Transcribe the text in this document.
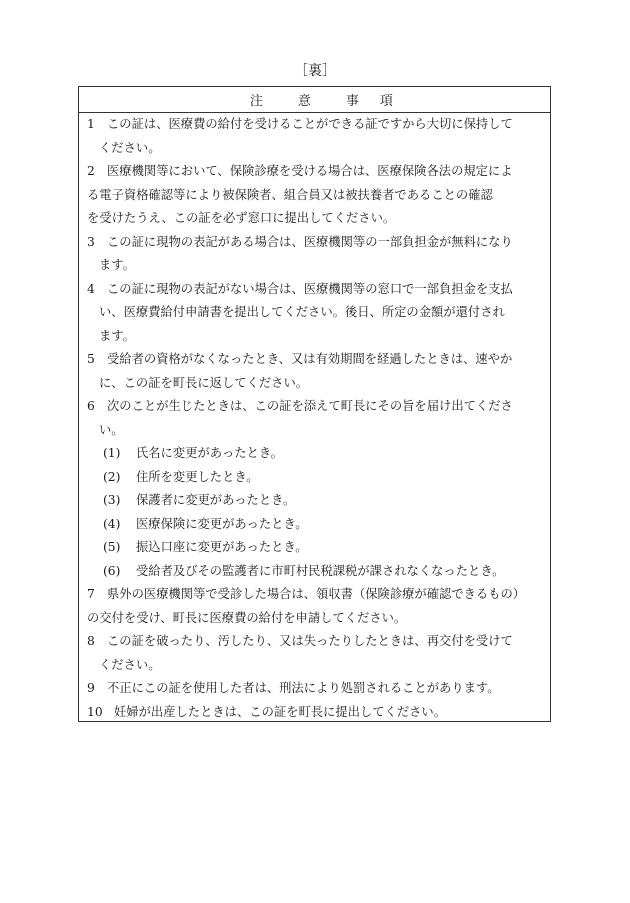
［裏］
注	意	事	項
1 この証は、医療費の給付を受けることができる証ですから大切に保持して
ください。
2 医療機関等において、保険診療を受ける場合は、医療保険各法の規定によ
る電子資格確認等により被保険者、組合員又は被扶養者であることの確認
を受けたうえ、この証を必ず窓口に提出してください。
3 この証に現物の表記がある場合は、医療機関等の一部負担金が無料になり
ます。
4 この証に現物の表記がない場合は、医療機関等の窓口で一部負担金を支払
い、医療費給付申請書を提出してください。後日、所定の金額が還付され
ます。
5 受給者の資格がなくなったとき、又は有効期間を経過したときは、速やか
に、この証を町長に返してください。
6 次のことが生じたときは、この証を添えて町長にその旨を届け出てくださ
い。
(1) 氏名に変更があったとき。
(2) 住所を変更したとき。
(3) 保護者に変更があったとき。
(4) 医療保険に変更があったとき。
(5) 振込口座に変更があったとき。
(6) 受給者及びその監護者に市町村民税課税が課されなくなったとき。
7 県外の医療機関等で受診した場合は、領収書（保険診療が確認できるもの）
の交付を受け、町長に医療費の給付を申請してください。
8 この証を破ったり、汚したり、又は失ったりしたときは、再交付を受けて
ください。
9 不正にこの証を使用した者は、刑法により処罰されることがあります。
10 妊婦が出産したときは、この証を町長に提出してください。
